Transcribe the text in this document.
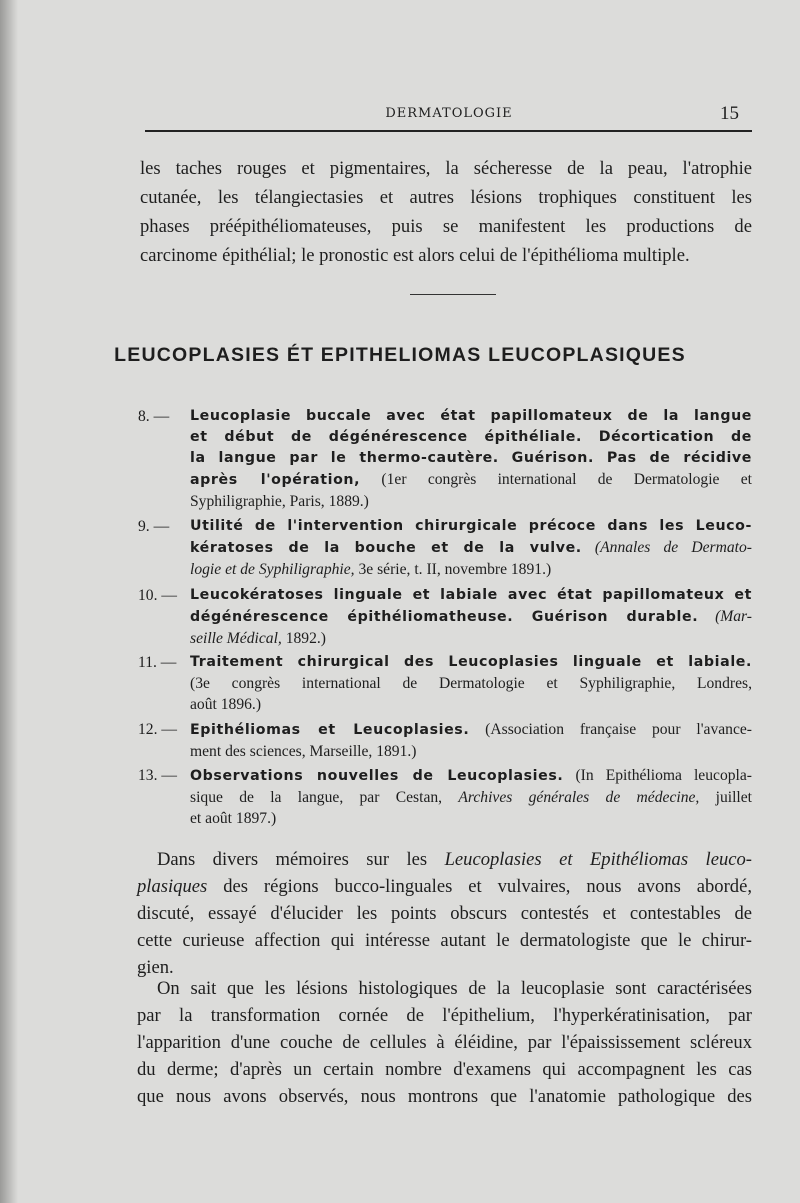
DERMATOLOGIE	15

les taches rouges et pigmentaires, la sécheresse de la peau, l'atrophie
cutanée, les télangiectasies et autres lésions trophiques constituent les
phases préépithéliomateuses, puis se manifestent les productions de
carcinome épithélial; le pronostic est alors celui de l'épithélioma multiple.

LEUCOPLASIES ÉT EPITHELIOMAS LEUCOPLASIQUES
8. —	Leucoplasie buccale avec état papillomateux de la langue
et début de dégénérescence épithéliale. Décortication de
la langue par le thermo-cautère. Guérison. Pas de récidive
après l'opération, (1er congrès international de Dermatologie et
Syphiligraphie, Paris, 1889.)
9. —	Utilité de l'intervention chirurgicale précoce dans les Leuco-
kératoses de la bouche et de la vulve. (Annales de Dermato-
logie et de Syphiligraphie, 3e série, t. II, novembre 1891.)
10. — Leucokératoses linguale et labiale avec état papillomateux et
dégénérescence épithéliomatheuse. Guérison durable. (Mar-
seille Médical, 1892.)
11. — Traitement chirurgical des Leucoplasies linguale et labiale.
(3e congrès international de Dermatologie et Syphiligraphie, Londres,
août 1896.)
12. — Epithéliomas et Leucoplasies. (Association française pour l'avance-
ment des sciences, Marseille, 1891.)
13. — Observations nouvelles de Leucoplasies. (In Epithélioma leucopla-
sique de la langue, par Cestan, Archives générales de médecine, juillet
et août 1897.)
Dans divers mémoires sur les Leucoplasies et Epithéliomas leuco-
plasiques des régions bucco-linguales et vulvaires, nous avons abordé,
discuté, essayé d'élucider les points obscurs contestés et contestables de
cette curieuse affection qui intéresse autant le dermatologiste que le chirur-
gien.
On sait que les lésions histologiques de la leucoplasie sont caractérisées
par la transformation cornée de l'épithelium, l'hyperkératinisation, par
l'apparition d'une couche de cellules à éléidine, par l'épaississement scléreux
du derme; d'après un certain nombre d'examens qui accompagnent les cas
que nous avons observés, nous montrons que l'anatomie pathologique des
